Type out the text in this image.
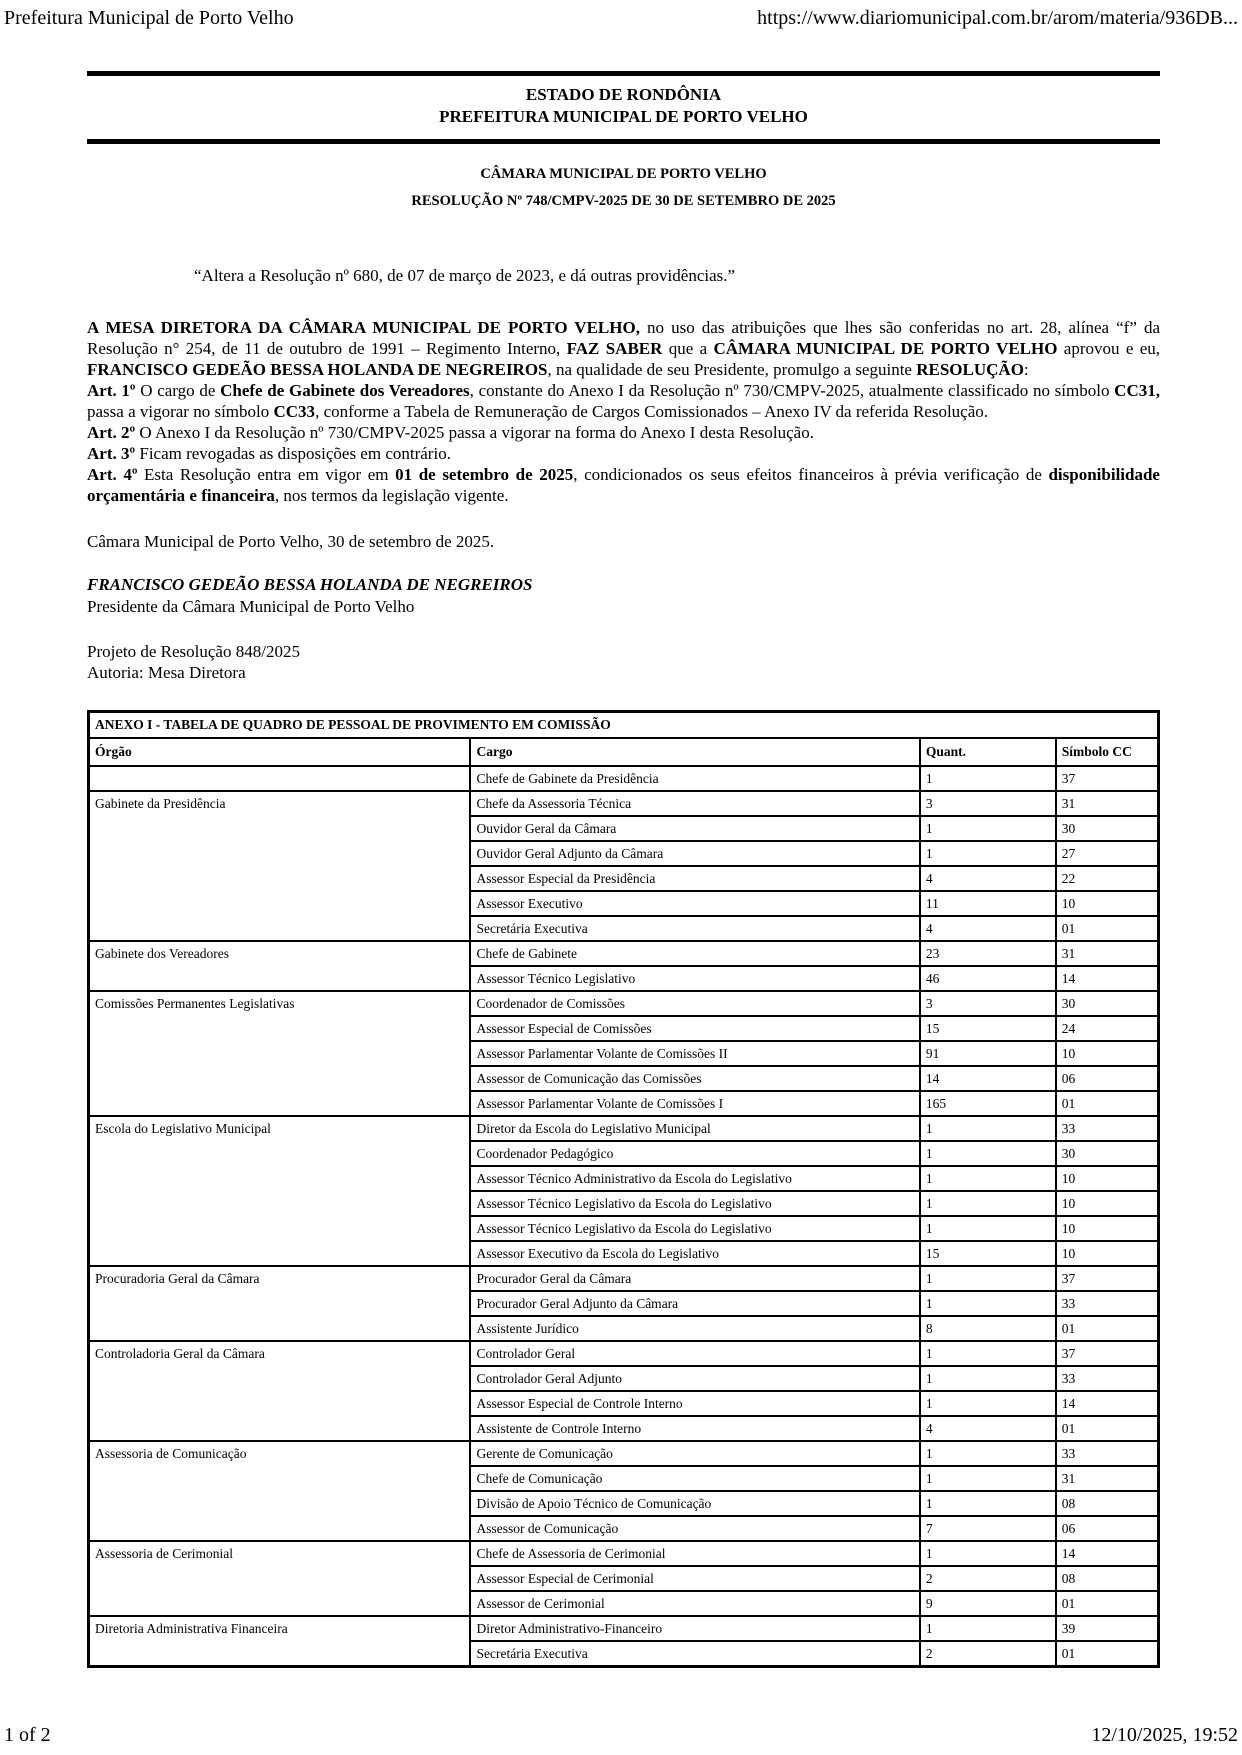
Prefeitura Municipal de Porto Velho	https://www.diariomunicipal.com.br/arom/materia/936DB...
ESTADO DE RONDÔNIA
PREFEITURA MUNICIPAL DE PORTO VELHO
CÂMARA MUNICIPAL DE PORTO VELHO
RESOLUÇÃO Nº 748/CMPV-2025 DE 30 DE SETEMBRO DE 2025
“Altera a Resolução nº 680, de 07 de março de 2023, e dá outras providências.”

A MESA DIRETORA DA CÂMARA MUNICIPAL DE PORTO VELHO, no uso das atribuições que lhes são conferidas no art. 28, alínea “f” da Resolução n° 254, de 11 de outubro de 1991 – Regimento Interno, FAZ SABER que a CÂMARA MUNICIPAL DE PORTO VELHO aprovou e eu, FRANCISCO GEDEÃO BESSA HOLANDA DE NEGREIROS, na qualidade de seu Presidente, promulgo a seguinte RESOLUÇÃO:

Art. 1º O cargo de Chefe de Gabinete dos Vereadores, constante do Anexo I da Resolução nº 730/CMPV-2025, atualmente classificado no símbolo CC31, passa a vigorar no símbolo CC33, conforme a Tabela de Remuneração de Cargos Comissionados – Anexo IV da referida Resolução.

Art. 2º O Anexo I da Resolução nº 730/CMPV-2025 passa a vigorar na forma do Anexo I desta Resolução.

Art. 3º Ficam revogadas as disposições em contrário.

Art. 4º Esta Resolução entra em vigor em 01 de setembro de 2025, condicionados os seus efeitos financeiros à prévia verificação de disponibilidade orçamentária e financeira, nos termos da legislação vigente.

Câmara Municipal de Porto Velho, 30 de setembro de 2025.
FRANCISCO GEDEÃO BESSA HOLANDA DE NEGREIROS
Presidente da Câmara Municipal de Porto Velho
Projeto de Resolução 848/2025
Autoria: Mesa Diretora
ANEXO I - TABELA DE QUADRO DE PESSOAL DE PROVIMENTO EM COMISSÃO			
Órgão	Cargo	Quant.	Símbolo CC
	Chefe de Gabinete da Presidência	1	37
Gabinete da Presidência	Chefe da Assessoria Técnica	3	31
	Ouvidor Geral da Câmara	1	30
	Ouvidor Geral Adjunto da Câmara	1	27
	Assessor Especial da Presidência	4	22
	Assessor Executivo	11	10
	Secretária Executiva	4	01
Gabinete dos Vereadores	Chefe de Gabinete	23	31
	Assessor Técnico Legislativo	46	14
Comissões Permanentes Legislativas	Coordenador de Comissões	3	30
	Assessor Especial de Comissões	15	24
	Assessor Parlamentar Volante de Comissões II	91	10
	Assessor de Comunicação das Comissões	14	06
	Assessor Parlamentar Volante de Comissões I	165	01
Escola do Legislativo Municipal	Diretor da Escola do Legislativo Municipal	1	33
	Coordenador Pedagógico	1	30
	Assessor Técnico Administrativo da Escola do Legislativo	1	10
	Assessor Técnico Legislativo da Escola do Legislativo	1	10
	Assessor Técnico Legislativo da Escola do Legislativo	1	10
	Assessor Executivo da Escola do Legislativo	15	10
Procuradoria Geral da Câmara	Procurador Geral da Câmara	1	37
	Procurador Geral Adjunto da Câmara	1	33
	Assistente Jurídico	8	01
Controladoria Geral da Câmara	Controlador Geral	1	37
	Controlador Geral Adjunto	1	33
	Assessor Especial de Controle Interno	1	14
	Assistente de Controle Interno	4	01
Assessoria de Comunicação	Gerente de Comunicação	1	33
	Chefe de Comunicação	1	31
	Divisão de Apoio Técnico de Comunicação	1	08
	Assessor de Comunicação	7	06
Assessoria de Cerimonial	Chefe de Assessoria de Cerimonial	1	14
	Assessor Especial de Cerimonial	2	08
	Assessor de Cerimonial	9	01
Diretoria Administrativa Financeira	Diretor Administrativo-Financeiro	1	39
	Secretária Executiva	2	01
1 of 2	12/10/2025, 19:52
